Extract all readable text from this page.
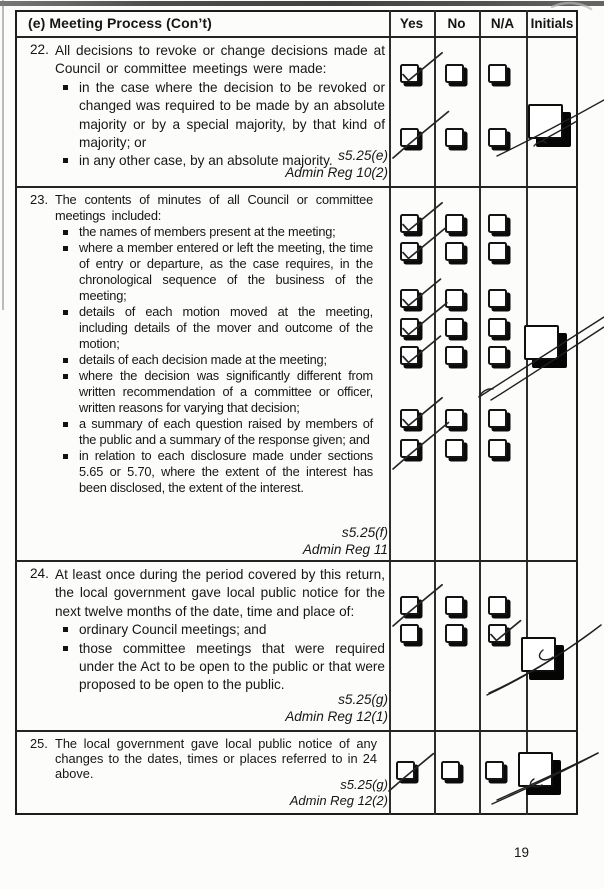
(e) Meeting Process (Con’t)	Yes	No	N/A	Initials
22. All decisions to revoke or change decisions made at Council or committee meetings were made:
in the case where the decision to be revoked or changed was required to be made by an absolute majority or by a special majority, by that kind of majority; or
in any other case, by an absolute majority. s5.25(e)
Admin Reg 10(2)
23. The contents of minutes of all Council or committee meetings included:
the names of members present at the meeting;
where a member entered or left the meeting, the time of entry or departure, as the case requires, in the chronological sequence of the business of the meeting;
details of each motion moved at the meeting, including details of the mover and outcome of the motion;
details of each decision made at the meeting;
where the decision was significantly different from written recommendation of a committee or officer, written reasons for varying that decision;
a summary of each question raised by members of the public and a summary of the response given; and
in relation to each disclosure made under sections 5.65 or 5.70, where the extent of the interest has been disclosed, the extent of the interest.
s5.25(f)
Admin Reg 11
24. At least once during the period covered by this return, the local government gave local public notice for the next twelve months of the date, time and place of:
ordinary Council meetings; and
those committee meetings that were required under the Act to be open to the public or that were proposed to be open to the public.
s5.25(g)
Admin Reg 12(1)
25. The local government gave local public notice of any changes to the dates, times or places referred to in 24 above.
s5.25(g)
Admin Reg 12(2)
19
